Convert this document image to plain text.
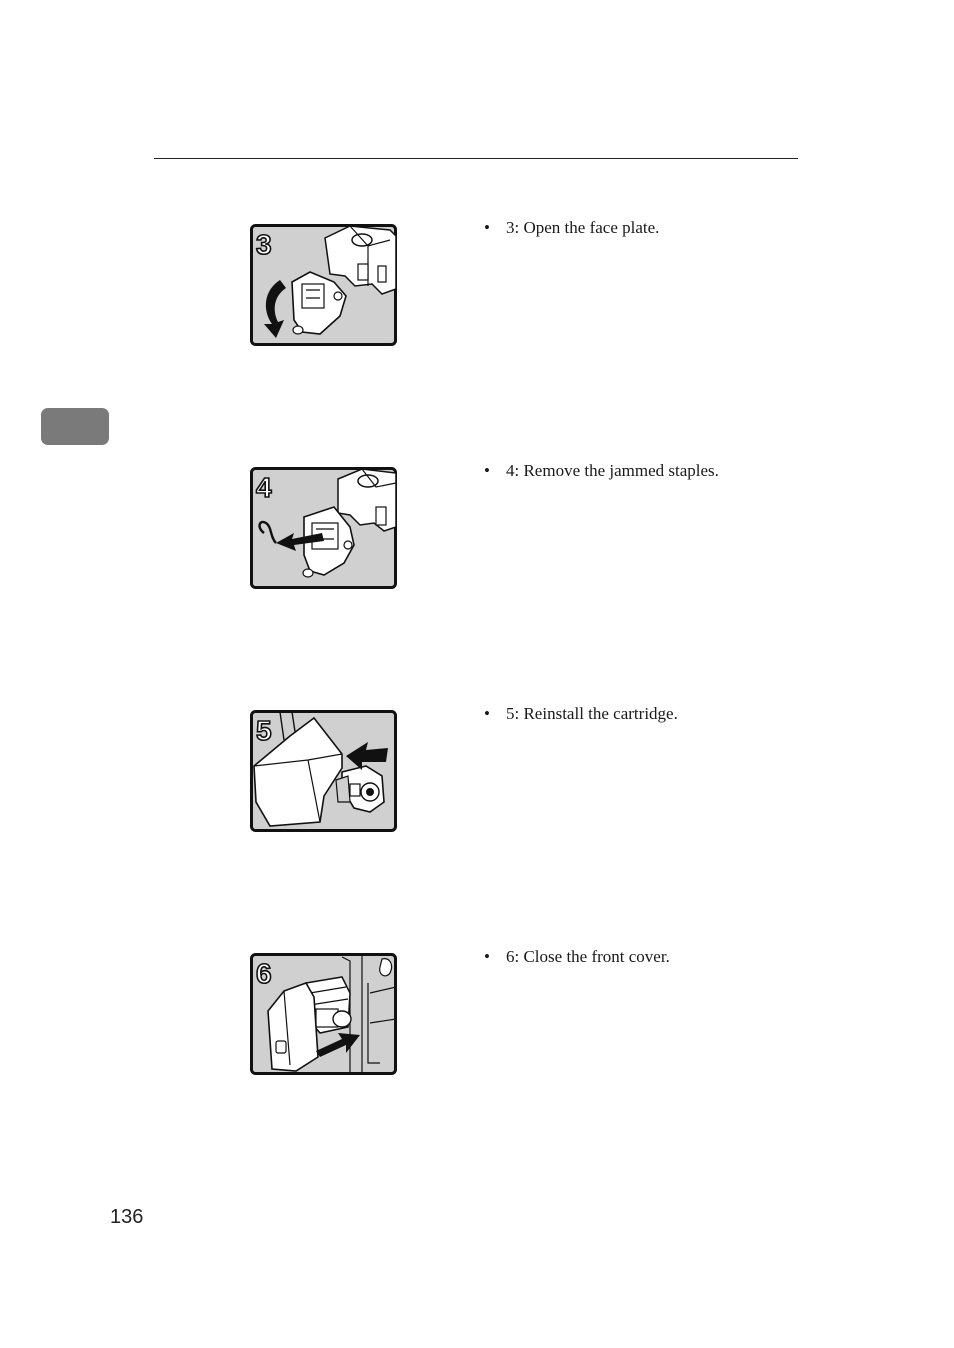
3
• 3: Open the face plate.
4
• 4: Remove the jammed staples.
5
• 5: Reinstall the cartridge.
6
• 6: Close the front cover.
136
